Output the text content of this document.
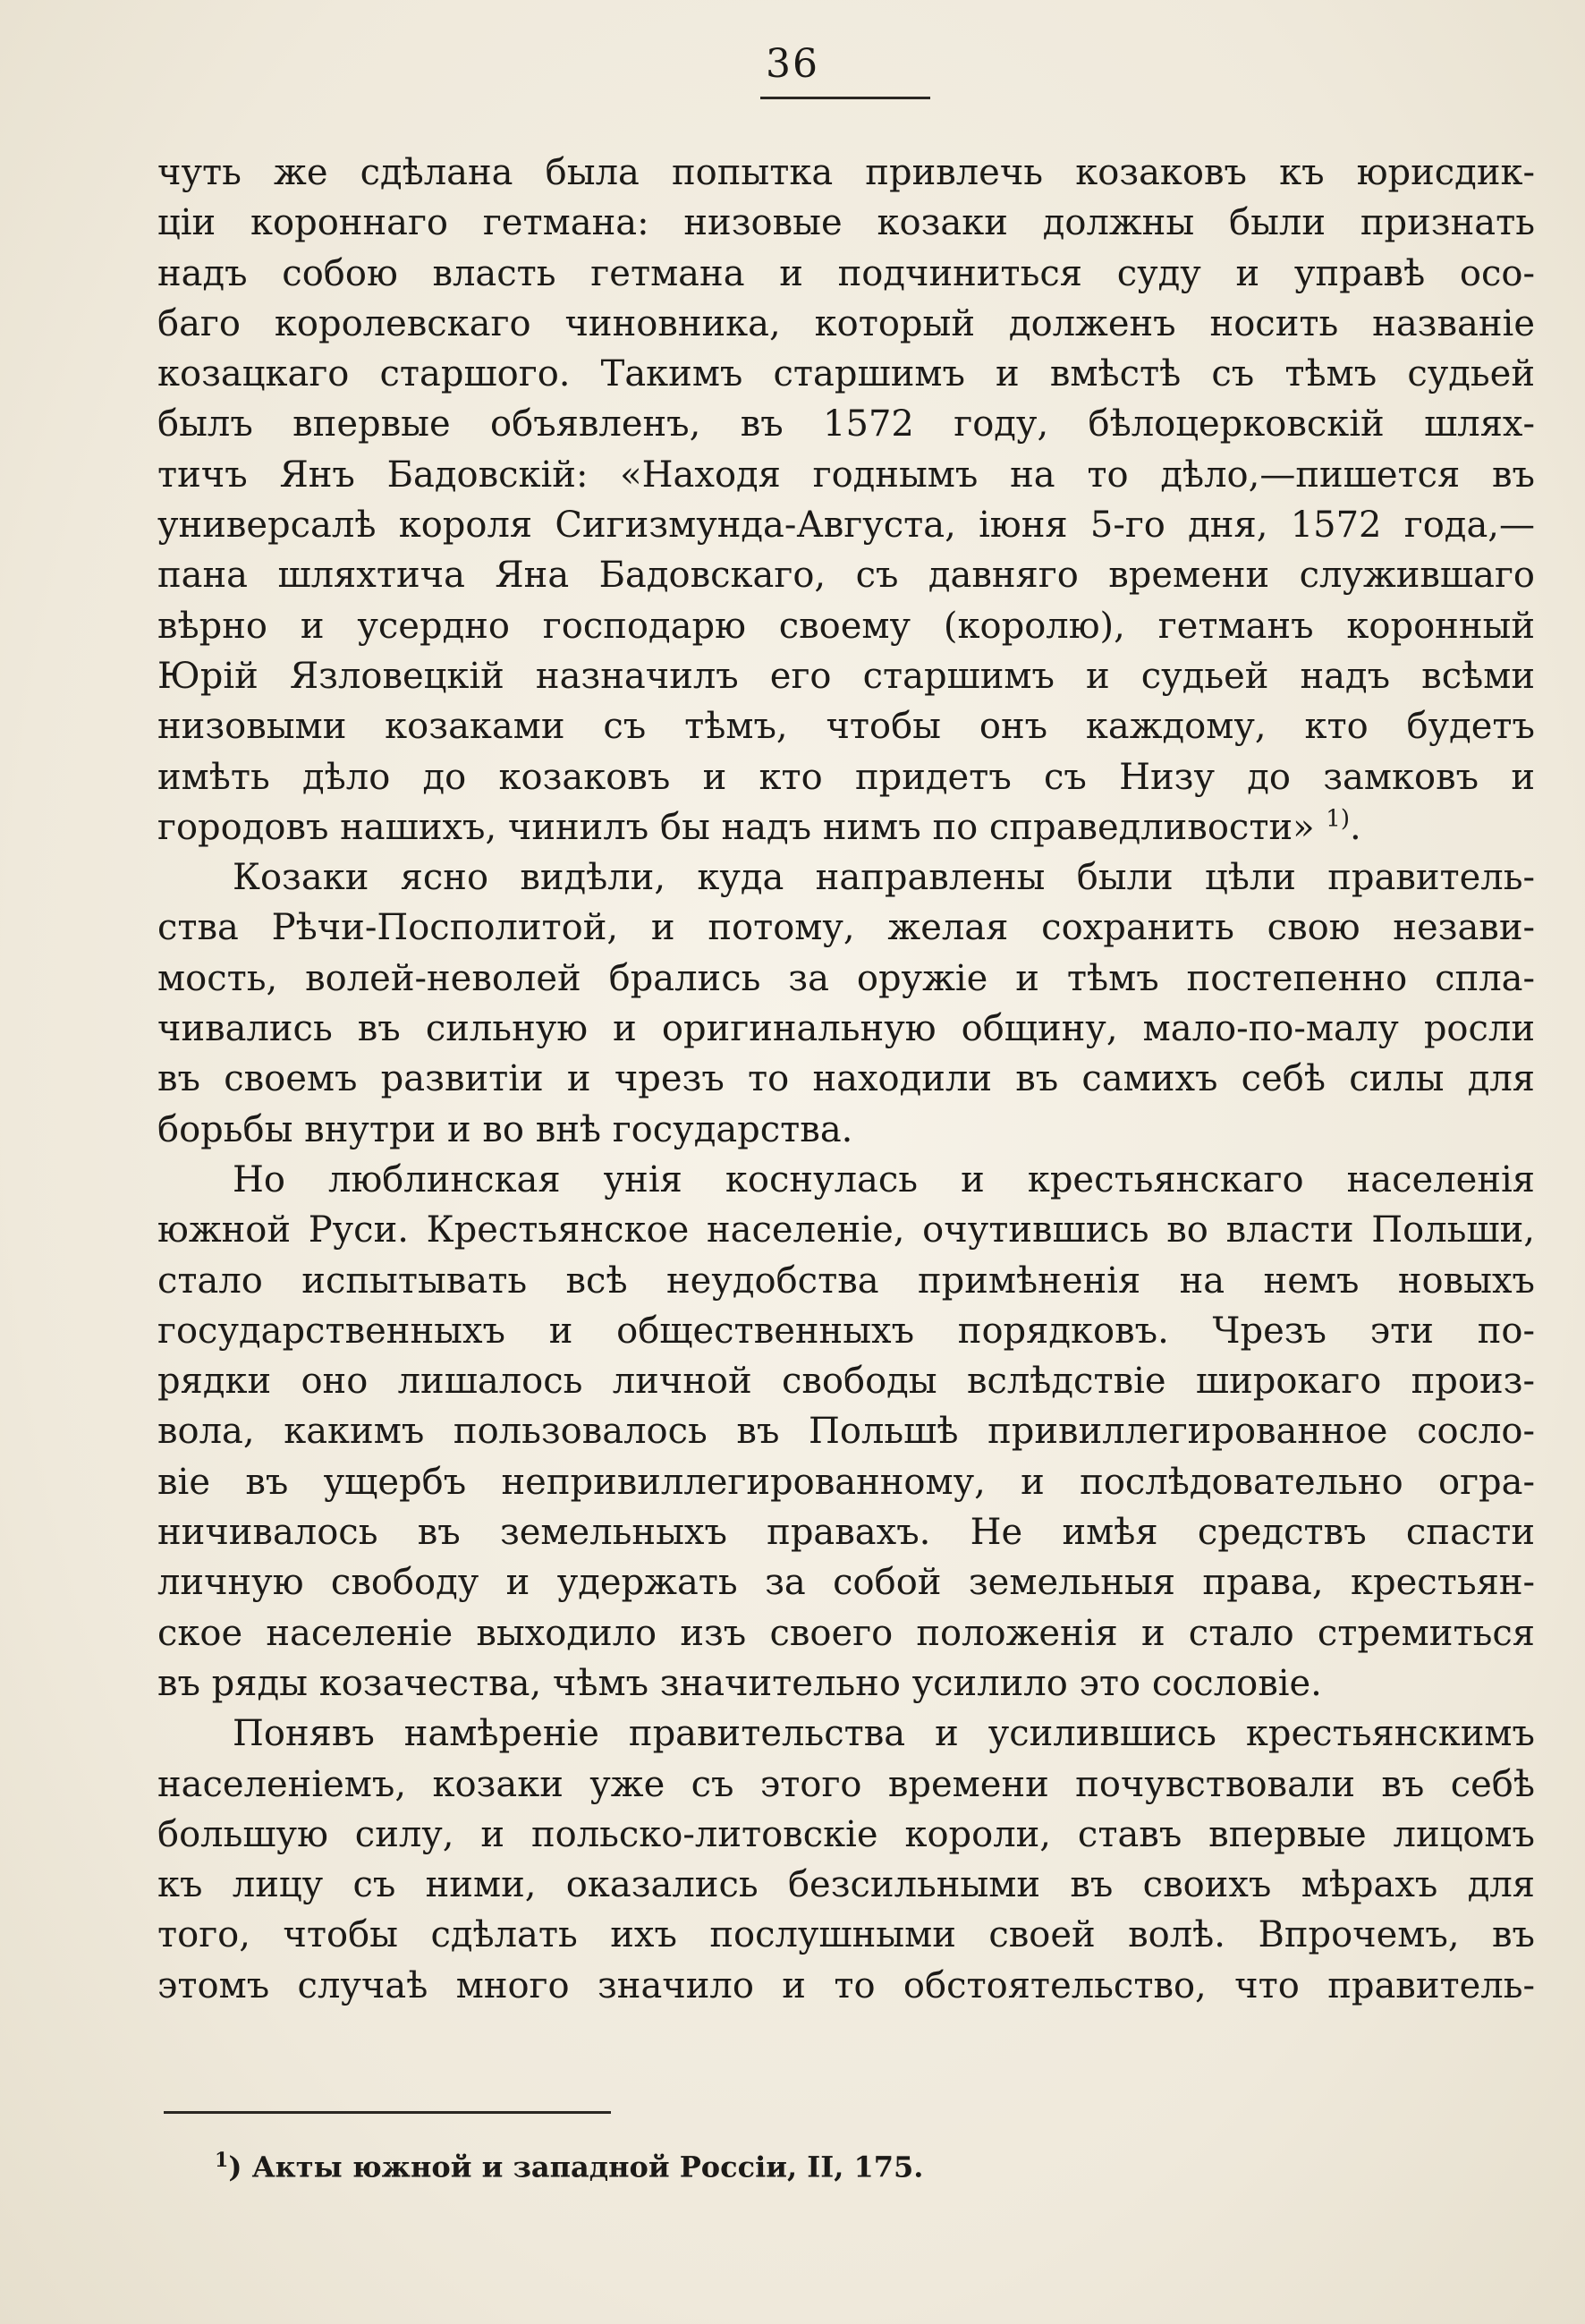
36
чуть же сдѣлана была попытка привлечь козаковъ къ юрисдик-
ціи короннаго гетмана: низовые козаки должны были признать
надъ собою власть гетмана и подчиниться суду и управѣ осо-
баго королевскаго чиновника, который долженъ носить названіе
козацкаго старшого. Такимъ старшимъ и вмѣстѣ съ тѣмъ судьей
былъ впервые объявленъ, въ 1572 году, бѣлоцерковскій шлях-
тичъ Янъ Бадовскій: «Находя годнымъ на то дѣло,—пишется въ
универсалѣ короля Сигизмунда-Августа, іюня 5-го дня, 1572 года,—
пана шляхтича Яна Бадовскаго, съ давняго времени служившаго
вѣрно и усердно господарю своему (королю), гетманъ коронный
Юрій Язловецкій назначилъ его старшимъ и судьей надъ всѣми
низовыми козаками съ тѣмъ, чтобы онъ каждому, кто будетъ
имѣть дѣло до козаковъ и кто придетъ съ Низу до замковъ и
городовъ нашихъ, чинилъ бы надъ нимъ по справедливости» $^{1)}$.
Козаки ясно видѣли, куда направлены были цѣли правитель-
ства Рѣчи-Посполитой, и потому, желая сохранить свою незави-
мость, волей-неволей брались за оружіе и тѣмъ постепенно спла-
чивались въ сильную и оригинальную общину, мало-по-малу росли
въ своемъ развитіи и чрезъ то находили въ самихъ себѣ силы для
борьбы внутри и во внѣ государства.
Но люблинская унія коснулась и крестьянскаго населенія
южной Руси. Крестьянское населеніе, очутившись во власти Польши,
стало испытывать всѣ неудобства примѣненія на немъ новыхъ
государственныхъ и общественныхъ порядковъ. Чрезъ эти по-
рядки оно лишалось личной свободы вслѣдствіе широкаго произ-
вола, какимъ пользовалось въ Польшѣ привиллегированное сосло-
віе въ ущербъ непривиллегированному, и послѣдовательно огра-
ничивалось въ земельныхъ правахъ. Не имѣя средствъ спасти
личную свободу и удержать за собой земельныя права, крестьян-
ское населеніе выходило изъ своего положенія и стало стремиться
въ ряды козачества, чѣмъ значительно усилило это сословіе.
Понявъ намѣреніе правительства и усилившись крестьянскимъ
населеніемъ, козаки уже съ этого времени почувствовали въ себѣ
большую силу, и польско-литовскіе короли, ставъ впервые лицомъ
къ лицу съ ними, оказались безсильными въ своихъ мѣрахъ для
того, чтобы сдѣлать ихъ послушными своей волѣ. Впрочемъ, въ
этомъ случаѣ много значило и то обстоятельство, что правитель-
$^1$) Акты южной и западной Россіи, II, 175.
